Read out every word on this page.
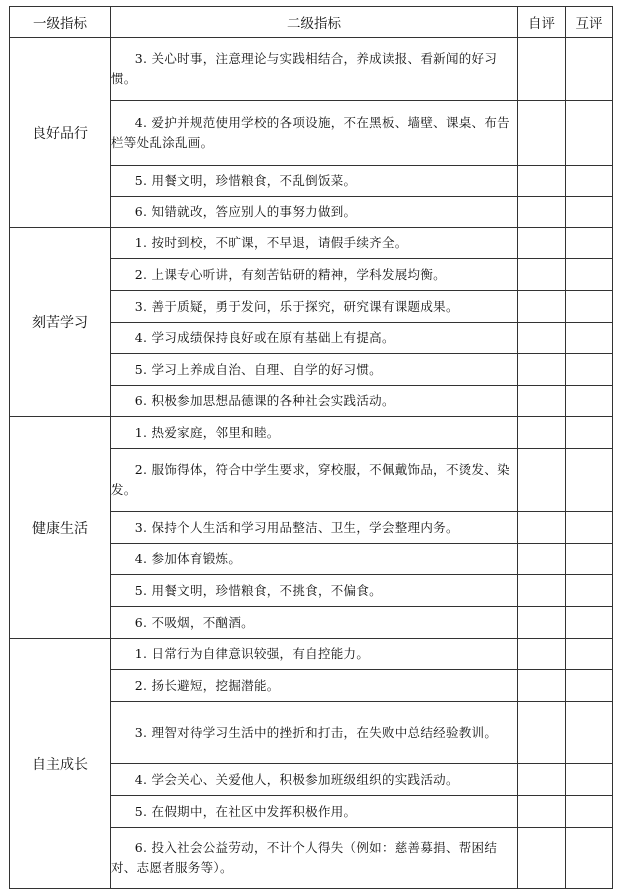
一级指标	二级指标	自评	互评
良好品行	3. 关心时事，注意理论与实践相结合，养成读报、看新闻的好习惯。		
	4. 爱护并规范使用学校的各项设施，不在黑板、墙壁、课桌、布告栏等处乱涂乱画。		
	5. 用餐文明，珍惜粮食，不乱倒饭菜。		
	6. 知错就改，答应别人的事努力做到。		
刻苦学习	1. 按时到校，不旷课，不早退，请假手续齐全。		
	2. 上课专心听讲，有刻苦钻研的精神，学科发展均衡。		
	3. 善于质疑，勇于发问，乐于探究，研究课有课题成果。		
	4. 学习成绩保持良好或在原有基础上有提高。		
	5. 学习上养成自治、自理、自学的好习惯。		
	6. 积极参加思想品德课的各种社会实践活动。		
健康生活	1. 热爱家庭，邻里和睦。		
	2. 服饰得体，符合中学生要求，穿校服，不佩戴饰品，不烫发、染发。		
	3. 保持个人生活和学习用品整洁、卫生，学会整理内务。		
	4. 参加体育锻炼。		
	5. 用餐文明，珍惜粮食，不挑食，不偏食。		
	6. 不吸烟，不酗酒。		
自主成长	1. 日常行为自律意识较强，有自控能力。		
	2. 扬长避短，挖掘潜能。		
	3. 理智对待学习生活中的挫折和打击，在失败中总结经验教训。		
	4. 学会关心、关爱他人，积极参加班级组织的实践活动。		
	5. 在假期中，在社区中发挥积极作用。		
	6. 投入社会公益劳动，不计个人得失（例如：慈善募捐、帮困结对、志愿者服务等）。		
